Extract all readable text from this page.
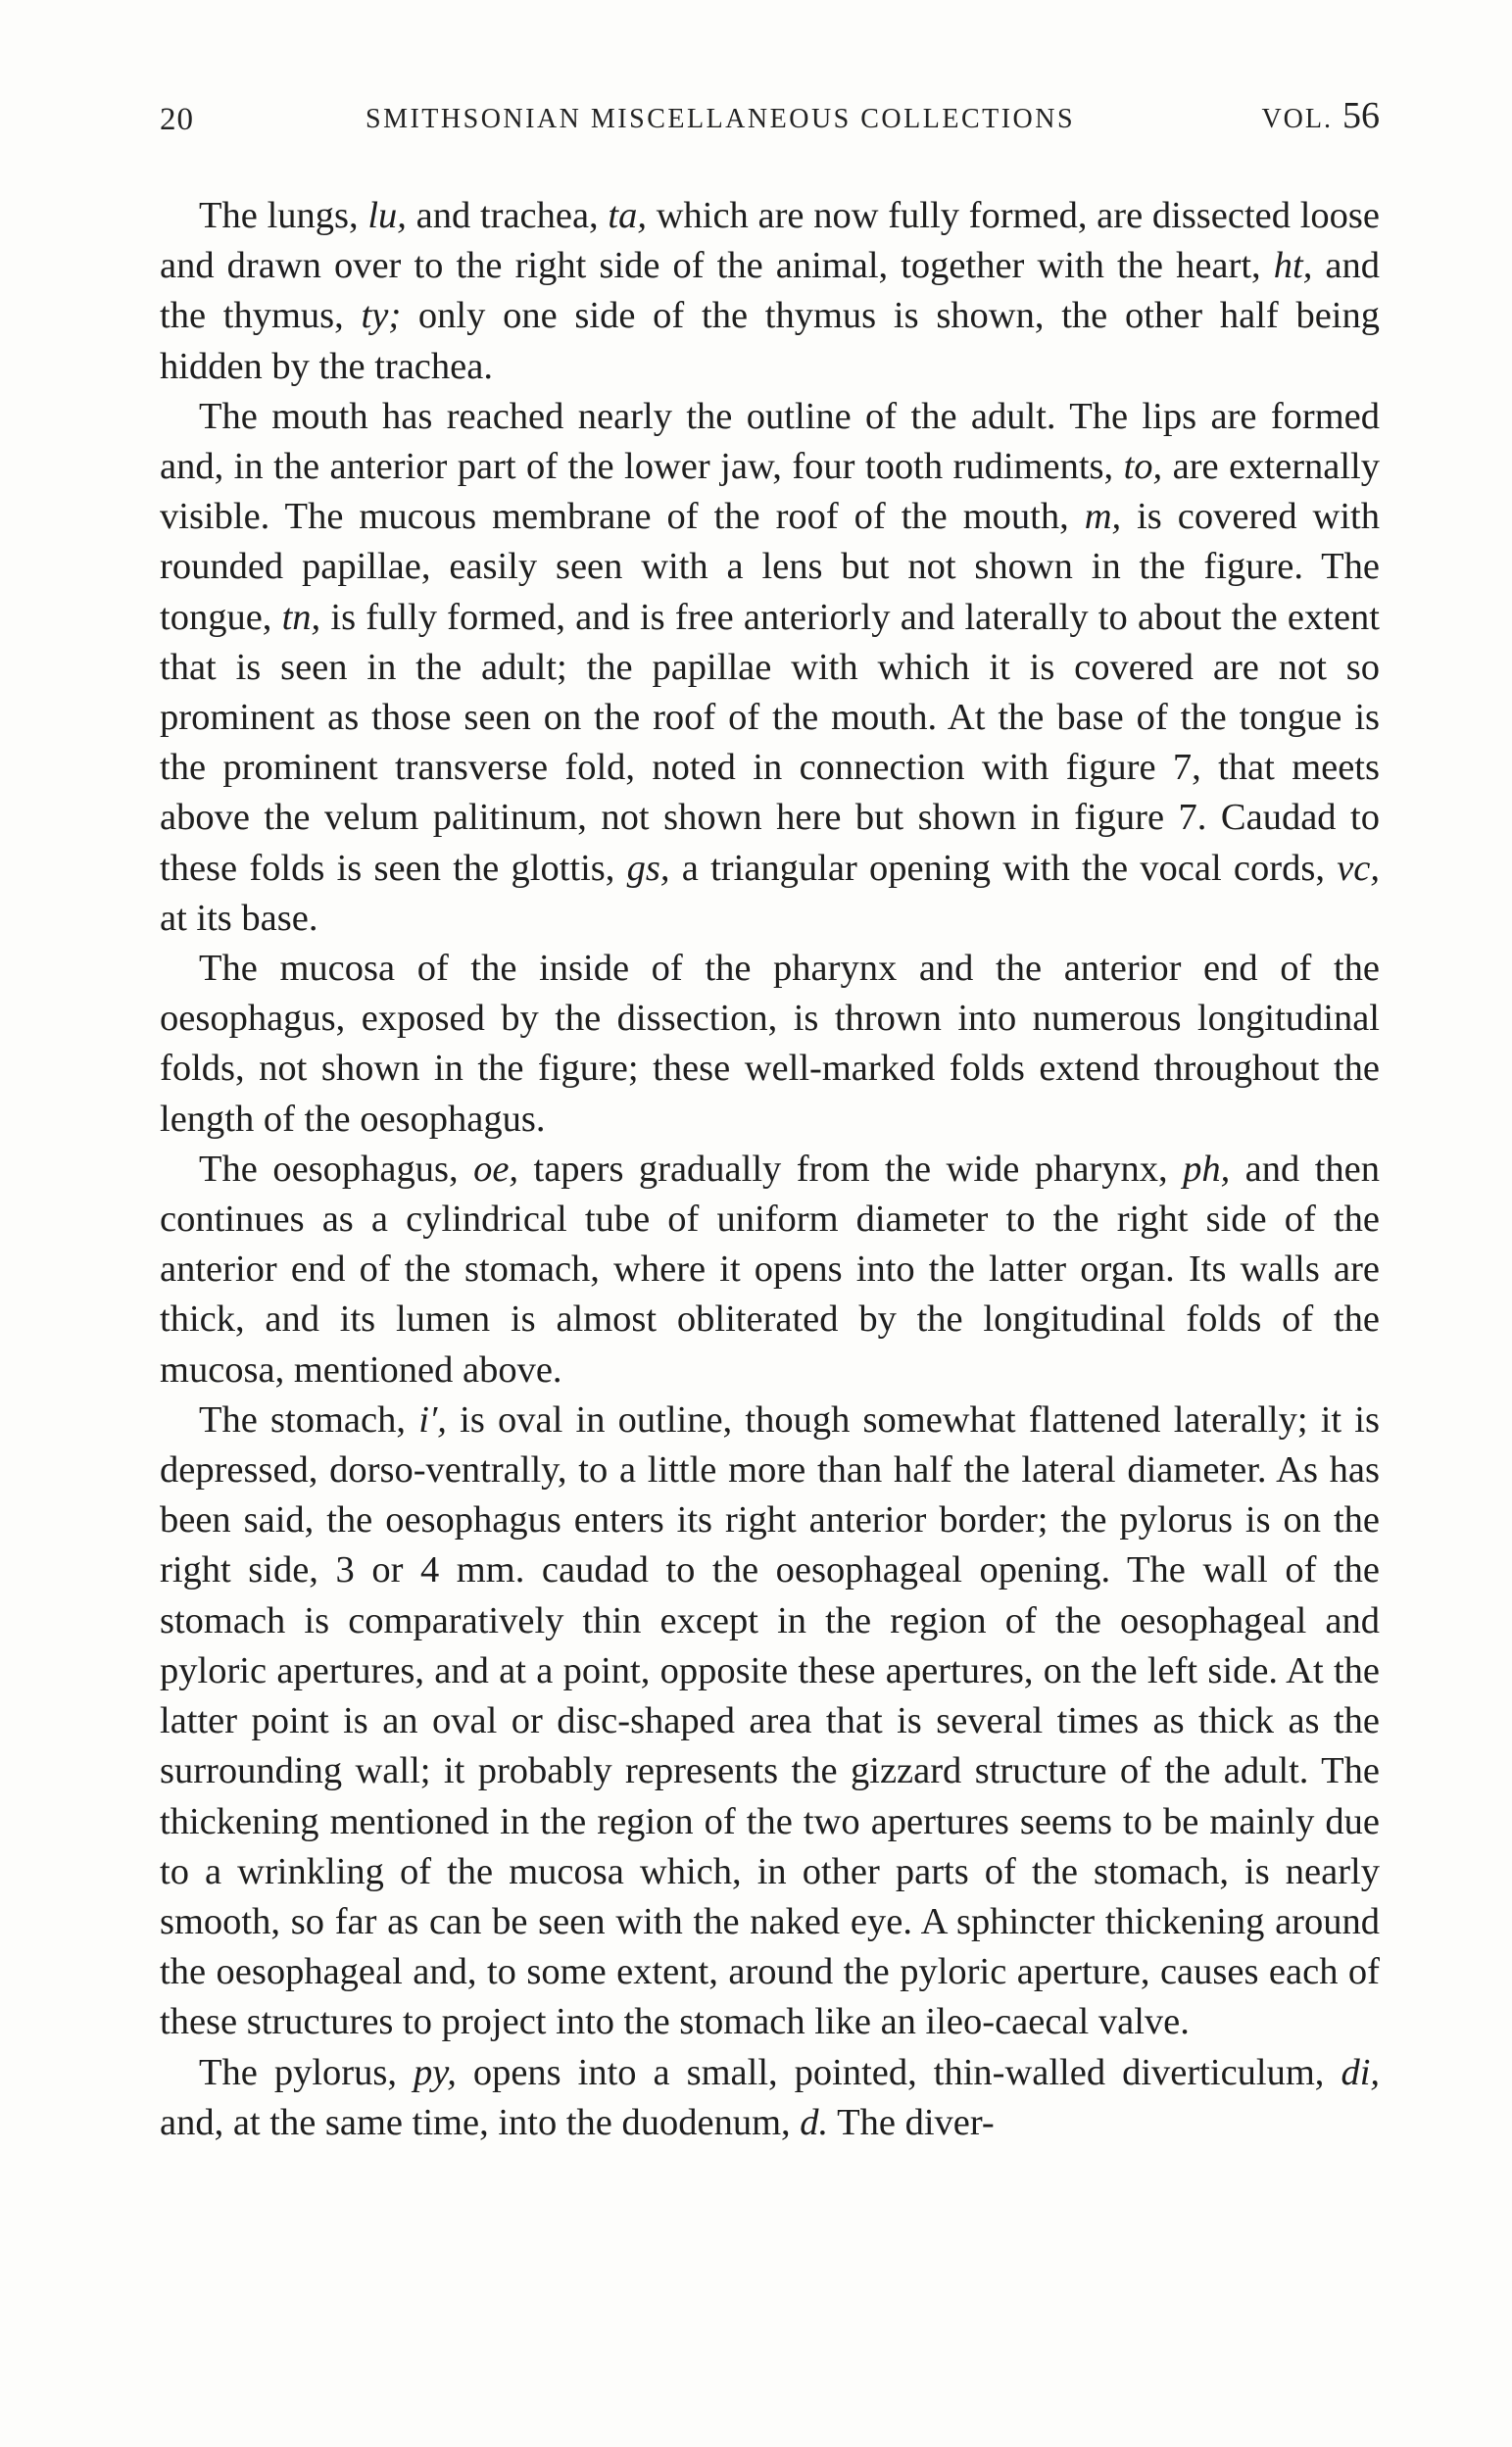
20	SMITHSONIAN MISCELLANEOUS COLLECTIONS	VOL. 56

The lungs, lu, and trachea, ta, which are now fully formed, are dissected loose and drawn over to the right side of the animal, together with the heart, ht, and the thymus, ty; only one side of the thymus is shown, the other half being hidden by the trachea.

The mouth has reached nearly the outline of the adult. The lips are formed and, in the anterior part of the lower jaw, four tooth rudiments, to, are externally visible. The mucous membrane of the roof of the mouth, m, is covered with rounded papillae, easily seen with a lens but not shown in the figure. The tongue, tn, is fully formed, and is free anteriorly and laterally to about the extent that is seen in the adult; the papillae with which it is covered are not so prominent as those seen on the roof of the mouth. At the base of the tongue is the prominent transverse fold, noted in connection with figure 7, that meets above the velum palitinum, not shown here but shown in figure 7. Caudad to these folds is seen the glottis, gs, a triangular opening with the vocal cords, vc, at its base.

The mucosa of the inside of the pharynx and the anterior end of the oesophagus, exposed by the dissection, is thrown into numerous longitudinal folds, not shown in the figure; these well-marked folds extend throughout the length of the oesophagus.

The oesophagus, oe, tapers gradually from the wide pharynx, ph, and then continues as a cylindrical tube of uniform diameter to the right side of the anterior end of the stomach, where it opens into the latter organ. Its walls are thick, and its lumen is almost obliterated by the longitudinal folds of the mucosa, mentioned above.

The stomach, i′, is oval in outline, though somewhat flattened laterally; it is depressed, dorso-ventrally, to a little more than half the lateral diameter. As has been said, the oesophagus enters its right anterior border; the pylorus is on the right side, 3 or 4 mm. caudad to the oesophageal opening. The wall of the stomach is comparatively thin except in the region of the oesophageal and pyloric apertures, and at a point, opposite these apertures, on the left side. At the latter point is an oval or disc-shaped area that is several times as thick as the surrounding wall; it probably represents the gizzard structure of the adult. The thickening mentioned in the region of the two apertures seems to be mainly due to a wrinkling of the mucosa which, in other parts of the stomach, is nearly smooth, so far as can be seen with the naked eye. A sphincter thickening around the oesophageal and, to some extent, around the pyloric aperture, causes each of these structures to project into the stomach like an ileo-caecal valve.

The pylorus, py, opens into a small, pointed, thin-walled diverticulum, di, and, at the same time, into the duodenum, d. The diver-
